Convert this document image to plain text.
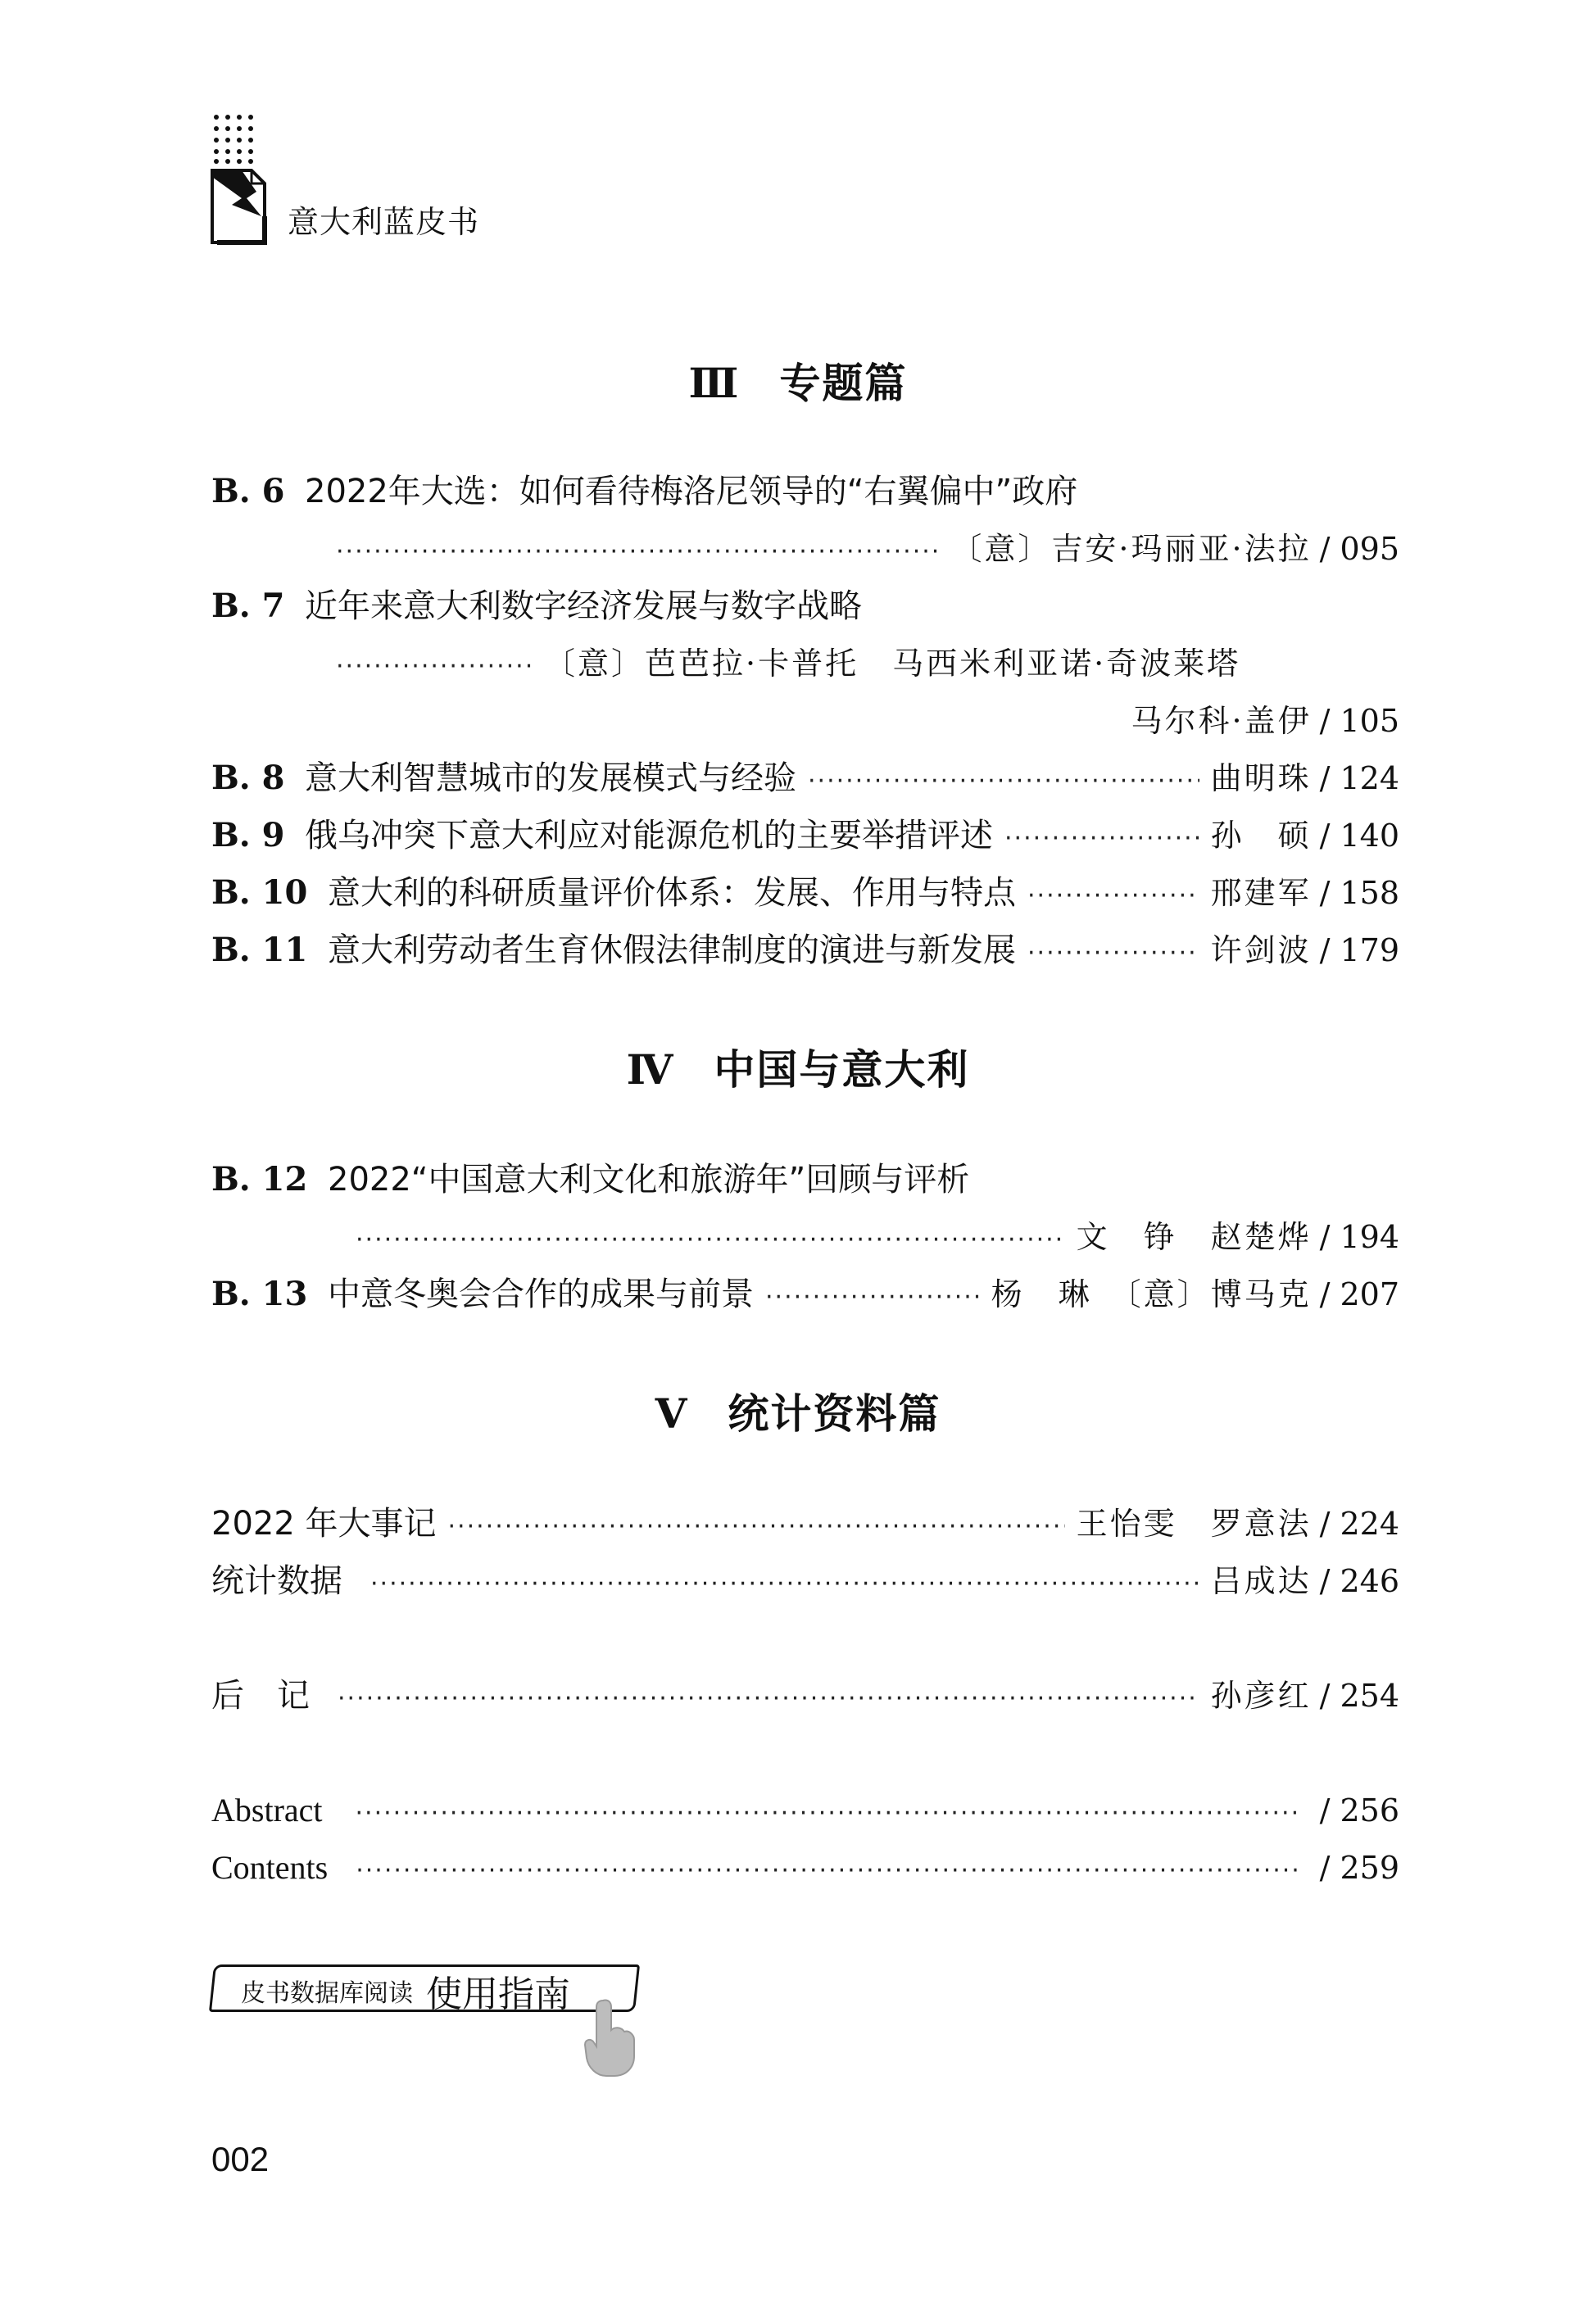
意大利蓝皮书
Ⅲ 专题篇
B. 6 2022年大选：如何看待梅洛尼领导的“右翼偏中”政府
·····
〔意〕吉安·玛丽亚·法拉 / 095
B. 7 近年来意大利数字经济发展与数字战略
·····
〔意〕芭芭拉·卡普托　马西米利亚诺·奇波莱塔
马尔科·盖伊 / 105
B. 8 意大利智慧城市的发展模式与经验 ·····	曲明珠 / 124
B. 9 俄乌冲突下意大利应对能源危机的主要举措评述 ·····	孙　硕 / 140
B. 10 意大利的科研质量评价体系：发展、作用与特点 ·····	邢建军 / 158
B. 11 意大利劳动者生育休假法律制度的演进与新发展 ·····	许剑波 / 179
Ⅳ 中国与意大利
B. 12 2022“中国意大利文化和旅游年”回顾与评析
·····
文　铮　赵楚烨 / 194
B. 13 中意冬奥会合作的成果与前景 ·····	杨　琳　〔意〕博马克 / 207
Ⅴ 统计资料篇
2022 年大事记 ·····	王怡雯　罗意法 / 224
统计数据 ·····	吕成达 / 246
后　记 ·····	孙彦红 / 254
Abstract ·····	/ 256
Contents ·····	/ 259
皮书数据库阅读 使用指南
002
